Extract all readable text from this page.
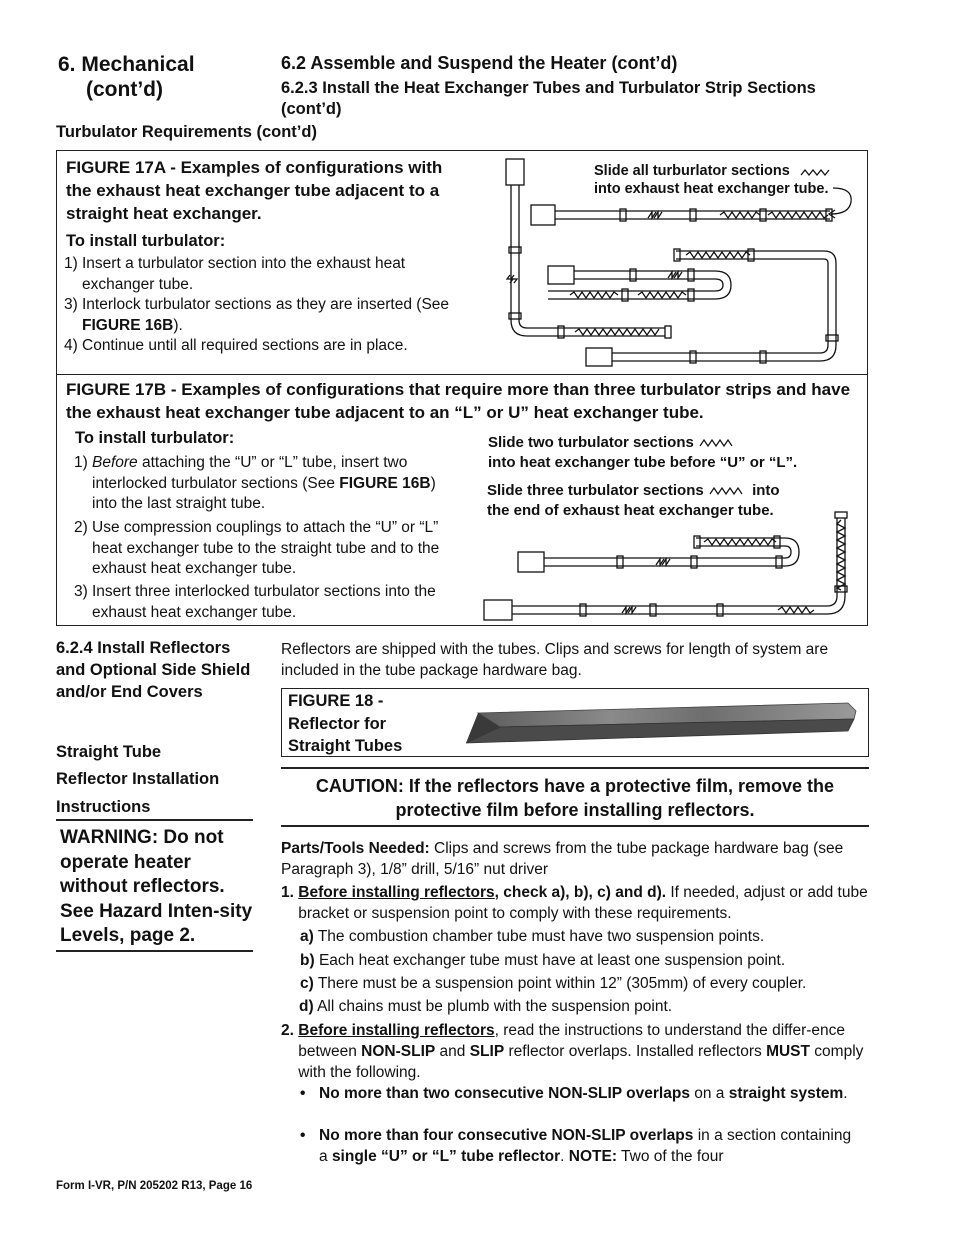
6. Mechanical
(cont’d)
6.2 Assemble and Suspend the Heater (cont’d)
6.2.3 Install the Heat Exchanger Tubes and Turbulator Strip Sections (cont’d)
Turbulator Requirements (cont’d)
FIGURE 17A - Examples of configurations with the exhaust heat exchanger tube adjacent to a straight heat exchanger.
To install turbulator:
1) Insert a turbulator section into the exhaust heat exchanger tube.
3) Interlock turbulator sections as they are inserted (See FIGURE 16B).
4) Continue until all required sections are in place.
Slide all turburlator sections
into exhaust heat exchanger tube.
FIGURE 17B - Examples of configurations that require more than three turbulator strips and have the exhaust heat exchanger tube adjacent to an “L” or U” heat exchanger tube.
To install turbulator:
1) Before attaching the “U” or “L” tube, insert two interlocked turbulator sections (See FIGURE 16B) into the last straight tube.
2) Use compression couplings to attach the “U” or “L” heat exchanger tube to the straight tube and to the exhaust heat exchanger tube.
3) Insert three interlocked turbulator sections into the exhaust heat exchanger tube.
Slide two turbulator sections
into heat exchanger tube before “U” or “L”.
Slide three turbulator sections	into
the end of exhaust heat exchanger tube.
6.2.4 Install Reflectors and Optional Side Shield and/or End Covers
Straight Tube
Reflector Installation
Instructions
WARNING: Do not operate heater without reflectors. See Hazard Inten-sity Levels, page 2.
Reflectors are shipped with the tubes. Clips and screws for length of system are included in the tube package hardware bag.
FIGURE 18 -
Reflector for
Straight Tubes
CAUTION: If the reflectors have a protective film, remove the protective film before installing reflectors.
Parts/Tools Needed: Clips and screws from the tube package hardware bag (see Paragraph 3), 1/8” drill, 5/16” nut driver
1. Before installing reflectors, check a), b), c) and d). If needed, adjust or add tube bracket or suspension point to comply with these requirements.
a) The combustion chamber tube must have two suspension points.
b) Each heat exchanger tube must have at least one suspension point.
c) There must be a suspension point within 12” (305mm) of every coupler.
d) All chains must be plumb with the suspension point.
2. Before installing reflectors, read the instructions to understand the differ-ence between NON-SLIP and SLIP reflector overlaps. Installed reflectors MUST comply with the following.
• No more than two consecutive NON-SLIP overlaps on a straight system.
• No more than four consecutive NON-SLIP overlaps in a section containing a single “U” or “L” tube reflector. NOTE: Two of the four
Form I-VR, P/N 205202 R13, Page 16
